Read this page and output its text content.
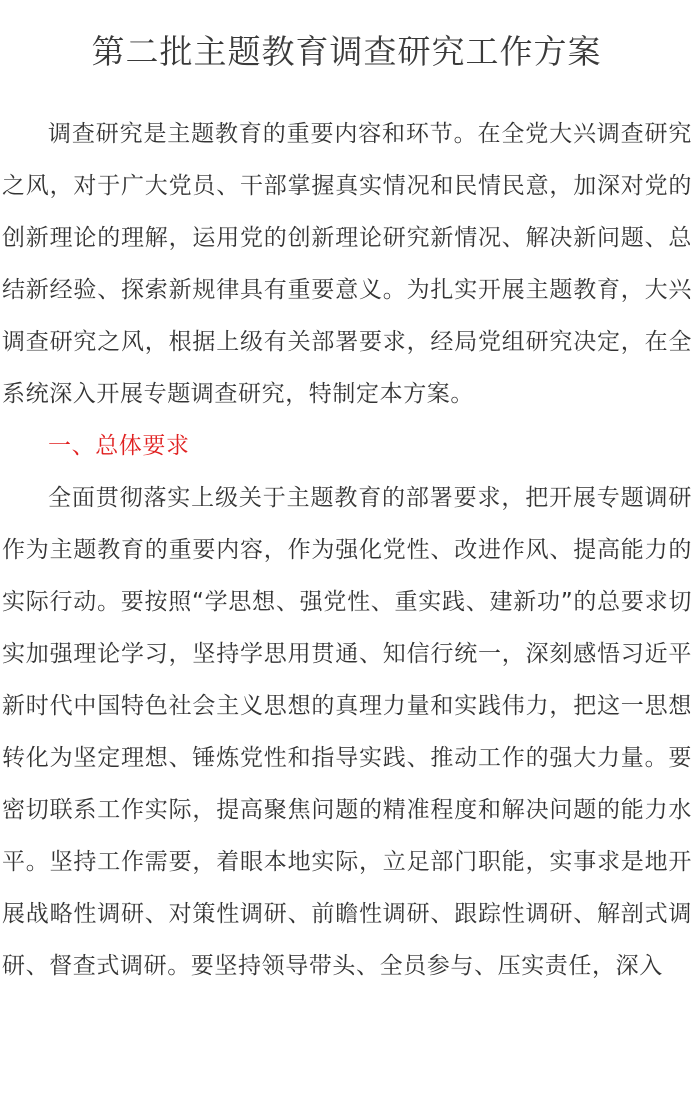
第二批主题教育调查研究工作方案

调查研究是主题教育的重要内容和环节。在全党大兴调查研究之风，对于广大党员、干部掌握真实情况和民情民意，加深对党的创新理论的理解，运用党的创新理论研究新情况、解决新问题、总结新经验、探索新规律具有重要意义。为扎实开展主题教育，大兴调查研究之风，根据上级有关部署要求，经局党组研究决定，在全系统深入开展专题调查研究，特制定本方案。

一、总体要求

全面贯彻落实上级关于主题教育的部署要求，把开展专题调研作为主题教育的重要内容，作为强化党性、改进作风、提高能力的实际行动。要按照“学思想、强党性、重实践、建新功”的总要求切实加强理论学习，坚持学思用贯通、知信行统一，深刻感悟习近平新时代中国特色社会主义思想的真理力量和实践伟力，把这一思想转化为坚定理想、锤炼党性和指导实践、推动工作的强大力量。要密切联系工作实际，提高聚焦问题的精准程度和解决问题的能力水平。坚持工作需要，着眼本地实际，立足部门职能，实事求是地开展战略性调研、对策性调研、前瞻性调研、跟踪性调研、解剖式调研、督查式调研。要坚持领导带头、全员参与、压实责任，深入
